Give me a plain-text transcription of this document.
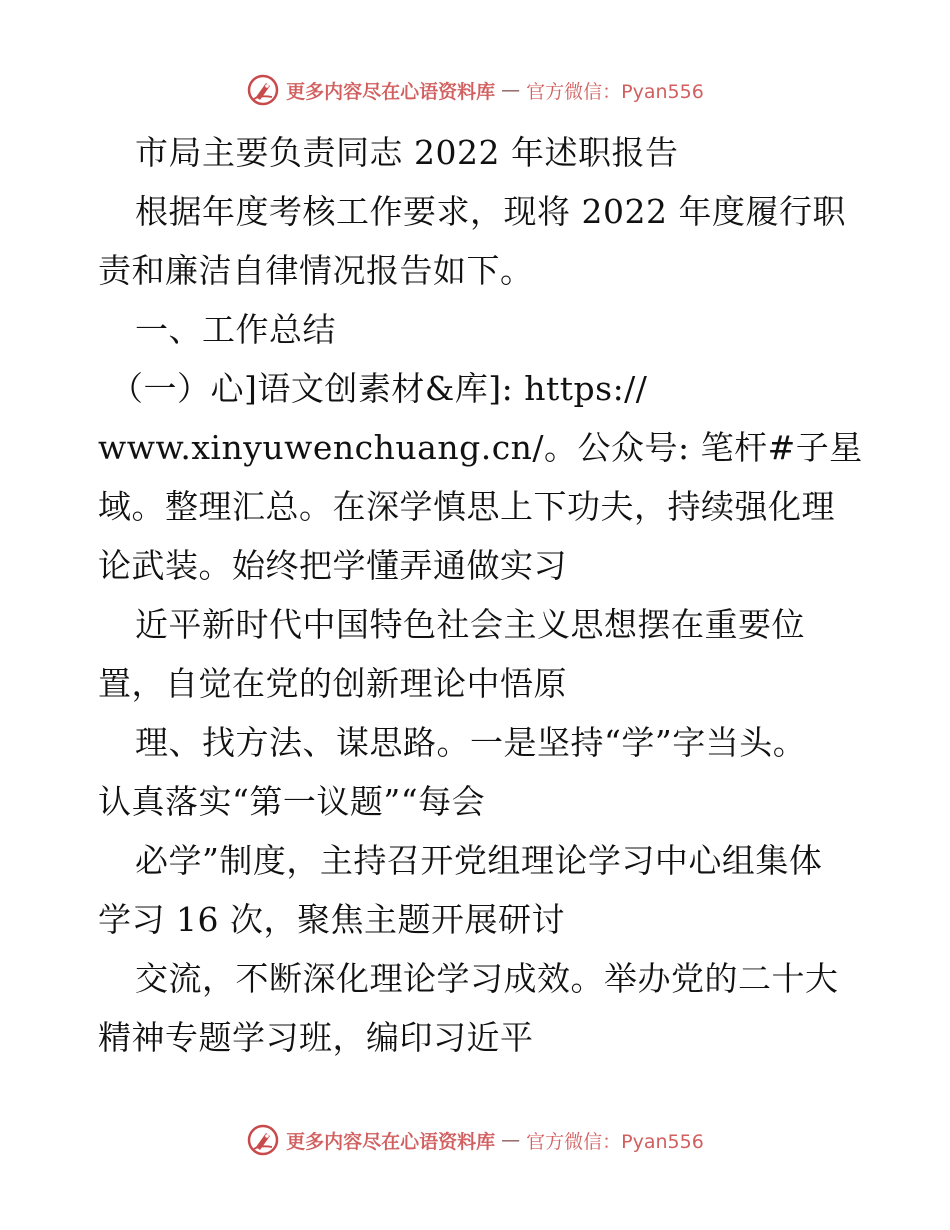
更多内容尽在心语资料库 — 官方微信：Pyan556
市局主要负责同志 2022 年述职报告
根据年度考核工作要求，现将 2022 年度履行职
责和廉洁自律情况报告如下。
一、工作总结
（一）心]语文创素材&库]: https://
www.xinyuwenchuang.cn/。公众号: 笔杆#子星
域。整理汇总。在深学慎思上下功夫，持续强化理
论武装。始终把学懂弄通做实习
近平新时代中国特色社会主义思想摆在重要位
置，自觉在党的创新理论中悟原
理、找方法、谋思路。一是坚持“学”字当头。
认真落实“第一议题”“每会
必学”制度，主持召开党组理论学习中心组集体
学习 16 次，聚焦主题开展研讨
交流，不断深化理论学习成效。举办党的二十大
精神专题学习班，编印习近平
更多内容尽在心语资料库 — 官方微信：Pyan556
